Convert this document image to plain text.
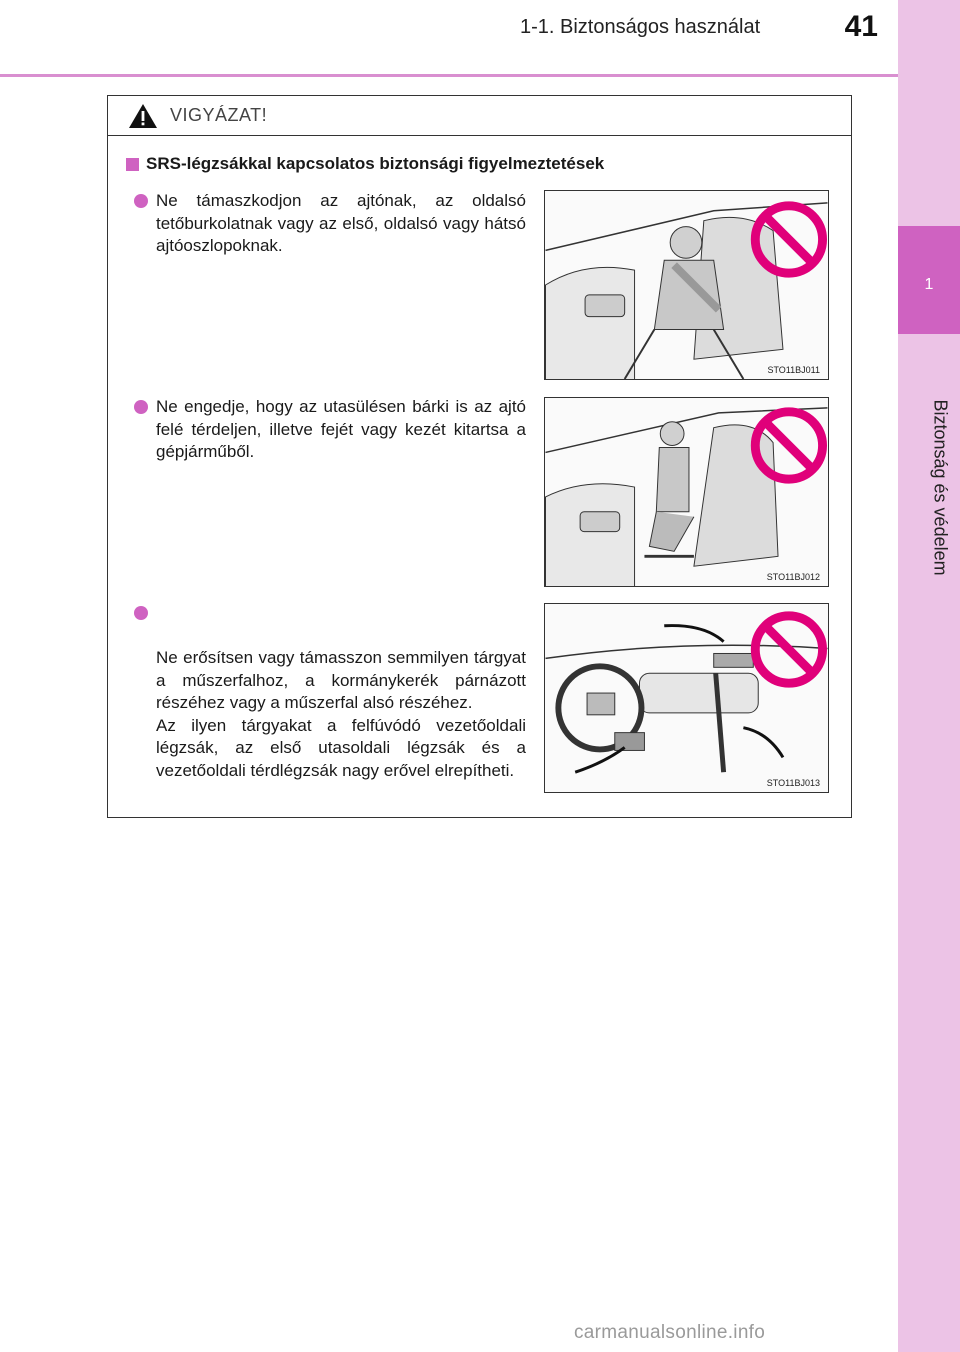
1-1. Biztonságos használat	41
1
Biztonság és védelem
VIGYÁZAT!
SRS-légzsákkal kapcsolatos biztonsági figyelmeztetések
Ne támaszkodjon az ajtónak, az oldalsó tetőburkolatnak vagy az első, oldalsó vagy hátsó ajtóoszlopoknak.
STO11BJ011
Ne engedje, hogy az utasülésen bárki is az ajtó felé térdeljen, illetve fejét vagy kezét kitartsa a gépjárműből.
STO11BJ012

Ne erősítsen vagy támasszon semmilyen tárgyat a műszerfalhoz, a kormánykerék párnázott részéhez vagy a műszerfal alsó részéhez.
Az ilyen tárgyakat a felfúvódó vezetőoldali légzsák, az első utasoldali légzsák és a vezetőoldali térdlégzsák nagy erővel elrepítheti.

STO11BJ013
carmanualsonline.info
